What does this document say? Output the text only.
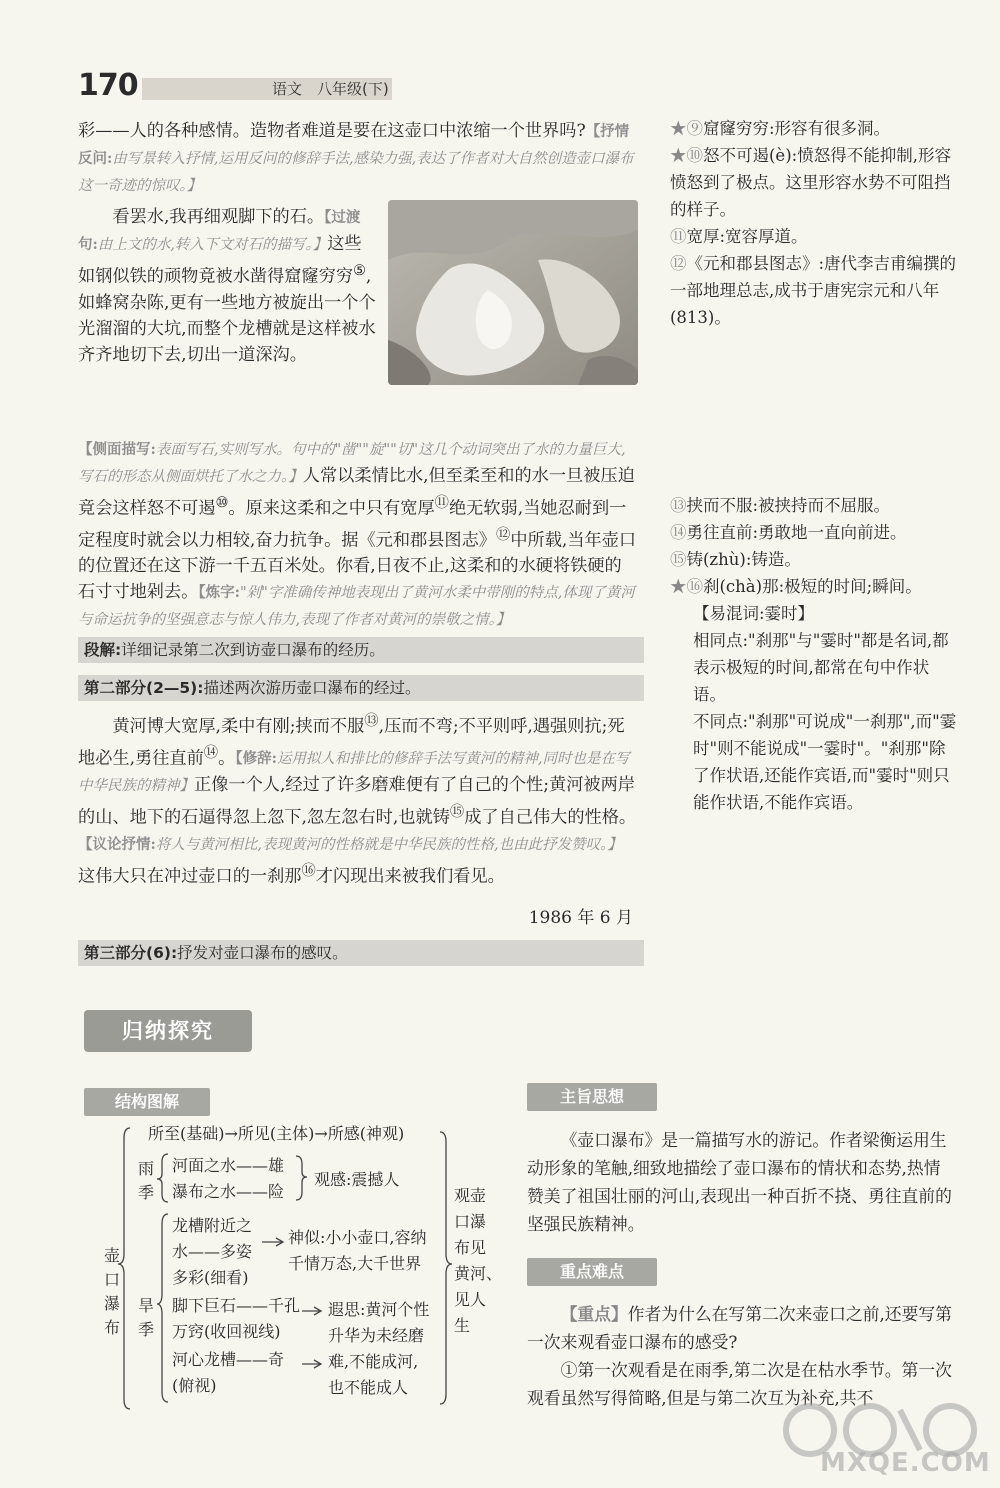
170	语文　八年级(下)

彩——人的各种感情。造物者难道是要在这壶口中浓缩一个世界吗?【抒情反问:由写景转入抒情,运用反问的修辞手法,感染力强,表达了作者对大自然创造壶口瀑布这一奇迹的惊叹。】

看罢水,我再细观脚下的石。【过渡句:由上文的水,转入下文对石的描写。】这些如钢似铁的顽物竟被水凿得窟窿穷穷⑤,如蜂窝杂陈,更有一些地方被旋出一个个光溜溜的大坑,而整个龙槽就是这样被水齐齐地切下去,切出一道深沟。

【侧面描写:表面写石,实则写水。句中的"凿""旋""切"这几个动词突出了水的力量巨大,写石的形态从侧面烘托了水之力。】人常以柔情比水,但至柔至和的水一旦被压迫竟会这样怒不可遏⑩。原来这柔和之中只有宽厚⑪绝无软弱,当她忍耐到一定程度时就会以力相较,奋力抗争。据《元和郡县图志》⑫中所载,当年壶口的位置还在这下游一千五百米处。你看,日夜不止,这柔和的水硬将铁硬的石寸寸地剁去。【炼字:"剁"字准确传神地表现出了黄河水柔中带刚的特点,体现了黄河与命运抗争的坚强意志与惊人伟力,表现了作者对黄河的崇敬之情。】

段解:详细记录第二次到访壶口瀑布的经历。
第二部分(2—5):描述两次游历壶口瀑布的经过。

黄河博大宽厚,柔中有刚;挟而不服⑬,压而不弯;不平则呼,遇强则抗;死地必生,勇往直前⑭。【修辞:运用拟人和排比的修辞手法写黄河的精神,同时也是在写中华民族的精神】正像一个人,经过了许多磨难便有了自己的个性;黄河被两岸的山、地下的石逼得忽上忽下,忽左忽右时,也就铸⑮成了自己伟大的性格。【议论抒情:将人与黄河相比,表现黄河的性格就是中华民族的性格,也由此抒发赞叹。】这伟大只在冲过壶口的一刹那⑯才闪现出来被我们看见。

1986 年 6 月
第三部分(6):抒发对壶口瀑布的感叹。

★⑨窟窿穷穷:形容有很多洞。

★⑩怒不可遏(è):愤怒得不能抑制,形容愤怒到了极点。这里形容水势不可阻挡的样子。

⑪宽厚:宽容厚道。

⑫《元和郡县图志》:唐代李吉甫编撰的一部地理总志,成书于唐宪宗元和八年(813)。

⑬挟而不服:被挟持而不屈服。

⑭勇往直前:勇敢地一直向前进。

⑮铸(zhù):铸造。

★⑯刹(chà)那:极短的时间;瞬间。

【易混词:霎时】
相同点:"刹那"与"霎时"都是名词,都表示极短的时间,都常在句中作状语。
不同点:"刹那"可说成"一刹那",而"霎时"则不能说成"一霎时"。"刹那"除了作状语,还能作宾语,而"霎时"则只能作状语,不能作宾语。
归纳探究
结构图解	主旨思想
重点难点
所至(基础)→所见(主体)→所感(神观)
壶口瀑布
雨季
河面之水——雄
瀑布之水——险
观感:震撼人
旱季
龙槽附近之
水——多姿
多彩(细看)
神似:小小壶口,容纳
千情万态,大千世界
脚下巨石——千孔
万窍(收回视线)
遐思:黄河个性
河心龙槽——奇
(俯视)
升华为未经磨
难,不能成河,
也不能成人
观壶
口瀑
布见
黄河、
见人
生

《壶口瀑布》是一篇描写水的游记。作者梁衡运用生动形象的笔触,细致地描绘了壶口瀑布的情状和态势,热情赞美了祖国壮丽的河山,表现出一种百折不挠、勇往直前的坚强民族精神。

【重点】作者为什么在写第二次来壶口之前,还要写第一次来观看壶口瀑布的感受?

①第一次观看是在雨季,第二次是在枯水季节。第一次观看虽然写得简略,但是与第二次互为补充,共不

MXQE.COM
